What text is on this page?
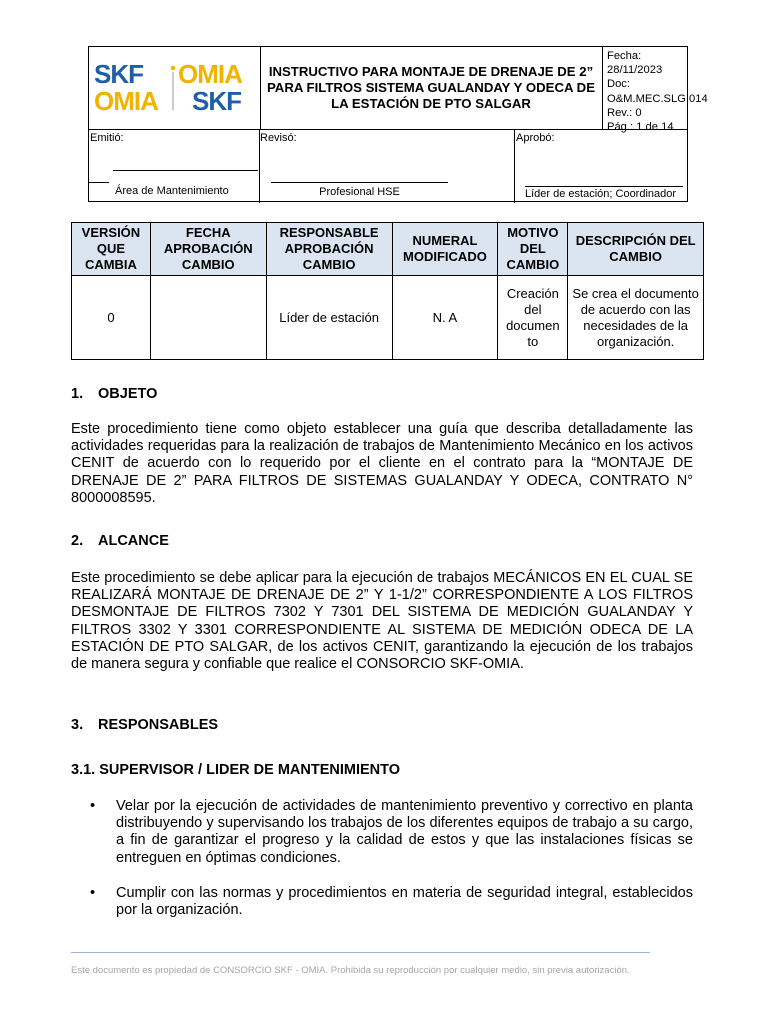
SKF OMIA
OMIA SKF
INSTRUCTIVO PARA MONTAJE DE DRENAJE DE 2” PARA FILTROS SISTEMA GUALANDAY Y ODECA DE LA ESTACIÓN DE PTO SALGAR
Fecha: 28/11/2023
Doc: O&M.MEC.SLG.014
Rev.: 0
Pág.: 1 de 14
Emitió:
Área de Mantenimiento
Revisó:
Profesional HSE
Aprobó:
Líder de estación; Coordinador
VERSIÓN QUE CAMBIA	FECHA APROBACIÓN CAMBIO	RESPONSABLE APROBACIÓN CAMBIO	NUMERAL MODIFICADO	MOTIVO DEL CAMBIO	DESCRIPCIÓN DEL CAMBIO
0		Líder de estación	N. A	Creación del documen to	Se crea el documento de acuerdo con las necesidades de la organización.
1. OBJETO
Este procedimiento tiene como objeto establecer una guía que describa detalladamente las actividades requeridas para la realización de trabajos de Mantenimiento Mecánico en los activos CENIT de acuerdo con lo requerido por el cliente en el contrato para la “MONTAJE DE DRENAJE DE 2” PARA FILTROS DE SISTEMAS GUALANDAY Y ODECA, CONTRATO N° 8000008595.
2. ALCANCE
Este procedimiento se debe aplicar para la ejecución de trabajos MECÁNICOS EN EL CUAL SE REALIZARÁ MONTAJE DE DRENAJE DE 2” Y 1-1/2” CORRESPONDIENTE A LOS FILTROS DESMONTAJE DE FILTROS 7302 Y 7301 DEL SISTEMA DE MEDICIÓN GUALANDAY Y FILTROS 3302 Y 3301 CORRESPONDIENTE AL SISTEMA DE MEDICIÓN ODECA DE LA ESTACIÓN DE PTO SALGAR, de los activos CENIT, garantizando la ejecución de los trabajos de manera segura y confiable que realice el CONSORCIO SKF-OMIA.
3. RESPONSABLES
3.1. SUPERVISOR / LIDER DE MANTENIMIENTO
• Velar por la ejecución de actividades de mantenimiento preventivo y correctivo en planta distribuyendo y supervisando los trabajos de los diferentes equipos de trabajo a su cargo, a fin de garantizar el progreso y la calidad de estos y que las instalaciones físicas se entreguen en óptimas condiciones.
• Cumplir con las normas y procedimientos en materia de seguridad integral, establecidos por la organización.
Este documento es propiedad de CONSORCIO SKF - OMIA. Prohibida su reproducción por cualquier medio, sin previa autorización.
